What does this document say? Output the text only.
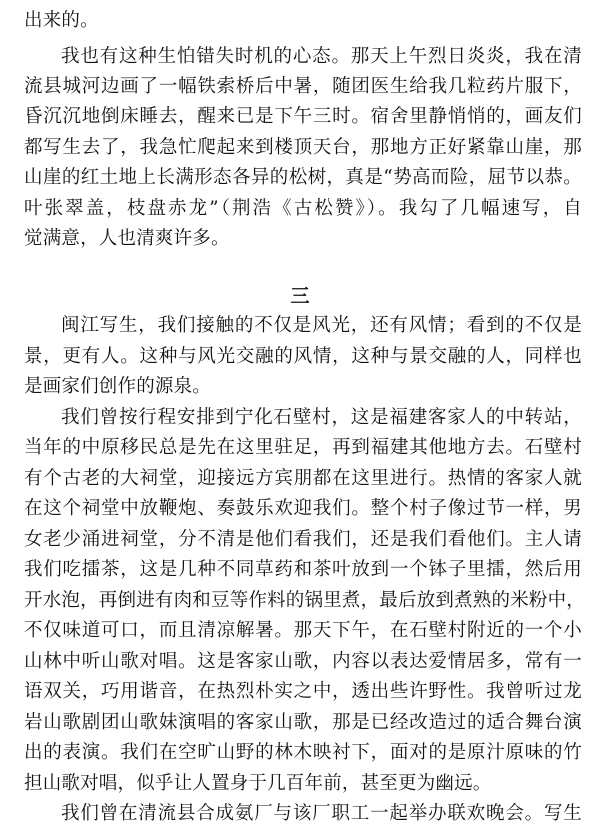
出来的。
我也有这种生怕错失时机的心态。那天上午烈日炎炎，我在清
流县城河边画了一幅铁索桥后中暑，随团医生给我几粒药片服下，
昏沉沉地倒床睡去，醒来已是下午三时。宿舍里静悄悄的，画友们
都写生去了，我急忙爬起来到楼顶天台，那地方正好紧靠山崖，那
山崖的红土地上长满形态各异的松树，真是“势高而险，屈节以恭。
叶张翠盖，枝盘赤龙”（荆浩《古松赞》）。我勾了几幅速写，自
觉满意，人也清爽许多。
三
闽江写生，我们接触的不仅是风光，还有风情；看到的不仅是
景，更有人。这种与风光交融的风情，这种与景交融的人，同样也
是画家们创作的源泉。
我们曾按行程安排到宁化石壁村，这是福建客家人的中转站，
当年的中原移民总是先在这里驻足，再到福建其他地方去。石壁村
有个古老的大祠堂，迎接远方宾朋都在这里进行。热情的客家人就
在这个祠堂中放鞭炮、奏鼓乐欢迎我们。整个村子像过节一样，男
女老少涌进祠堂，分不清是他们看我们，还是我们看他们。主人请
我们吃擂茶，这是几种不同草药和茶叶放到一个钵子里擂，然后用
开水泡，再倒进有肉和豆等作料的锅里煮，最后放到煮熟的米粉中，
不仅味道可口，而且清凉解暑。那天下午，在石壁村附近的一个小
山林中听山歌对唱。这是客家山歌，内容以表达爱情居多，常有一
语双关，巧用谐音，在热烈朴实之中，透出些许野性。我曾听过龙
岩山歌剧团山歌妹演唱的客家山歌，那是已经改造过的适合舞台演
出的表演。我们在空旷山野的林木映衬下，面对的是原汁原味的竹
担山歌对唱，似乎让人置身于几百年前，甚至更为幽远。
我们曾在清流县合成氨厂与该厂职工一起举办联欢晚会。写生
